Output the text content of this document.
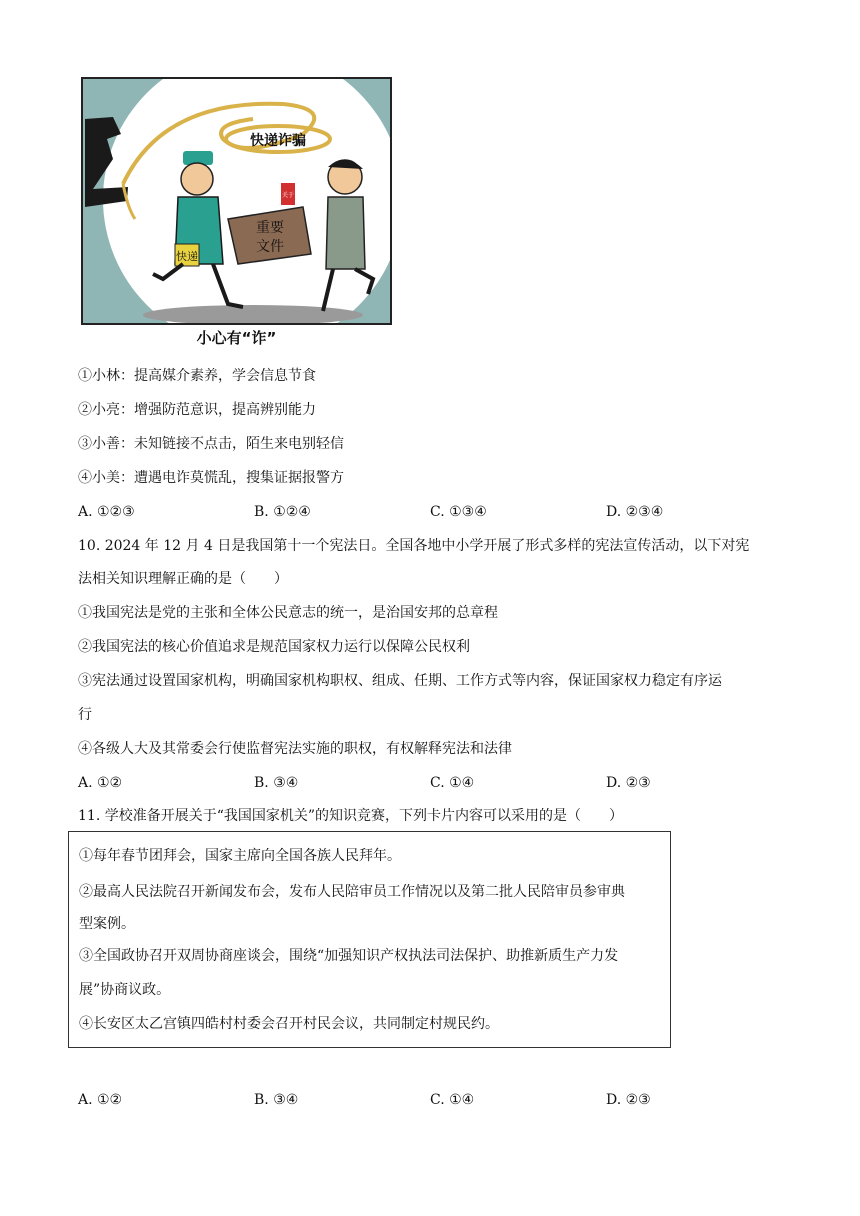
快递诈骗
快递
重要
文件
关于
小心有“诈”
①小林：提高媒介素养，学会信息节食
②小亮：增强防范意识，提高辨别能力
③小善：未知链接不点击，陌生来电别轻信
④小美：遭遇电诈莫慌乱，搜集证据报警方
A. ①②③	B. ①②④	C. ①③④	D. ②③④
10. 2024 年 12 月 4 日是我国第十一个宪法日。全国各地中小学开展了形式多样的宪法宣传活动，以下对宪
法相关知识理解正确的是（　　）
①我国宪法是党的主张和全体公民意志的统一，是治国安邦的总章程
②我国宪法的核心价值追求是规范国家权力运行以保障公民权利
③宪法通过设置国家机构，明确国家机构职权、组成、任期、工作方式等内容，保证国家权力稳定有序运
行
④各级人大及其常委会行使监督宪法实施的职权，有权解释宪法和法律
A. ①②	B. ③④	C. ①④	D. ②③
11. 学校准备开展关于“我国国家机关”的知识竞赛，下列卡片内容可以采用的是（　　）
①每年春节团拜会，国家主席向全国各族人民拜年。
②最高人民法院召开新闻发布会，发布人民陪审员工作情况以及第二批人民陪审员参审典
型案例。
③全国政协召开双周协商座谈会，围绕“加强知识产权执法司法保护、助推新质生产力发
展”协商议政。
④长安区太乙宫镇四皓村村委会召开村民会议，共同制定村规民约。
A. ①②	B. ③④	C. ①④	D. ②③
